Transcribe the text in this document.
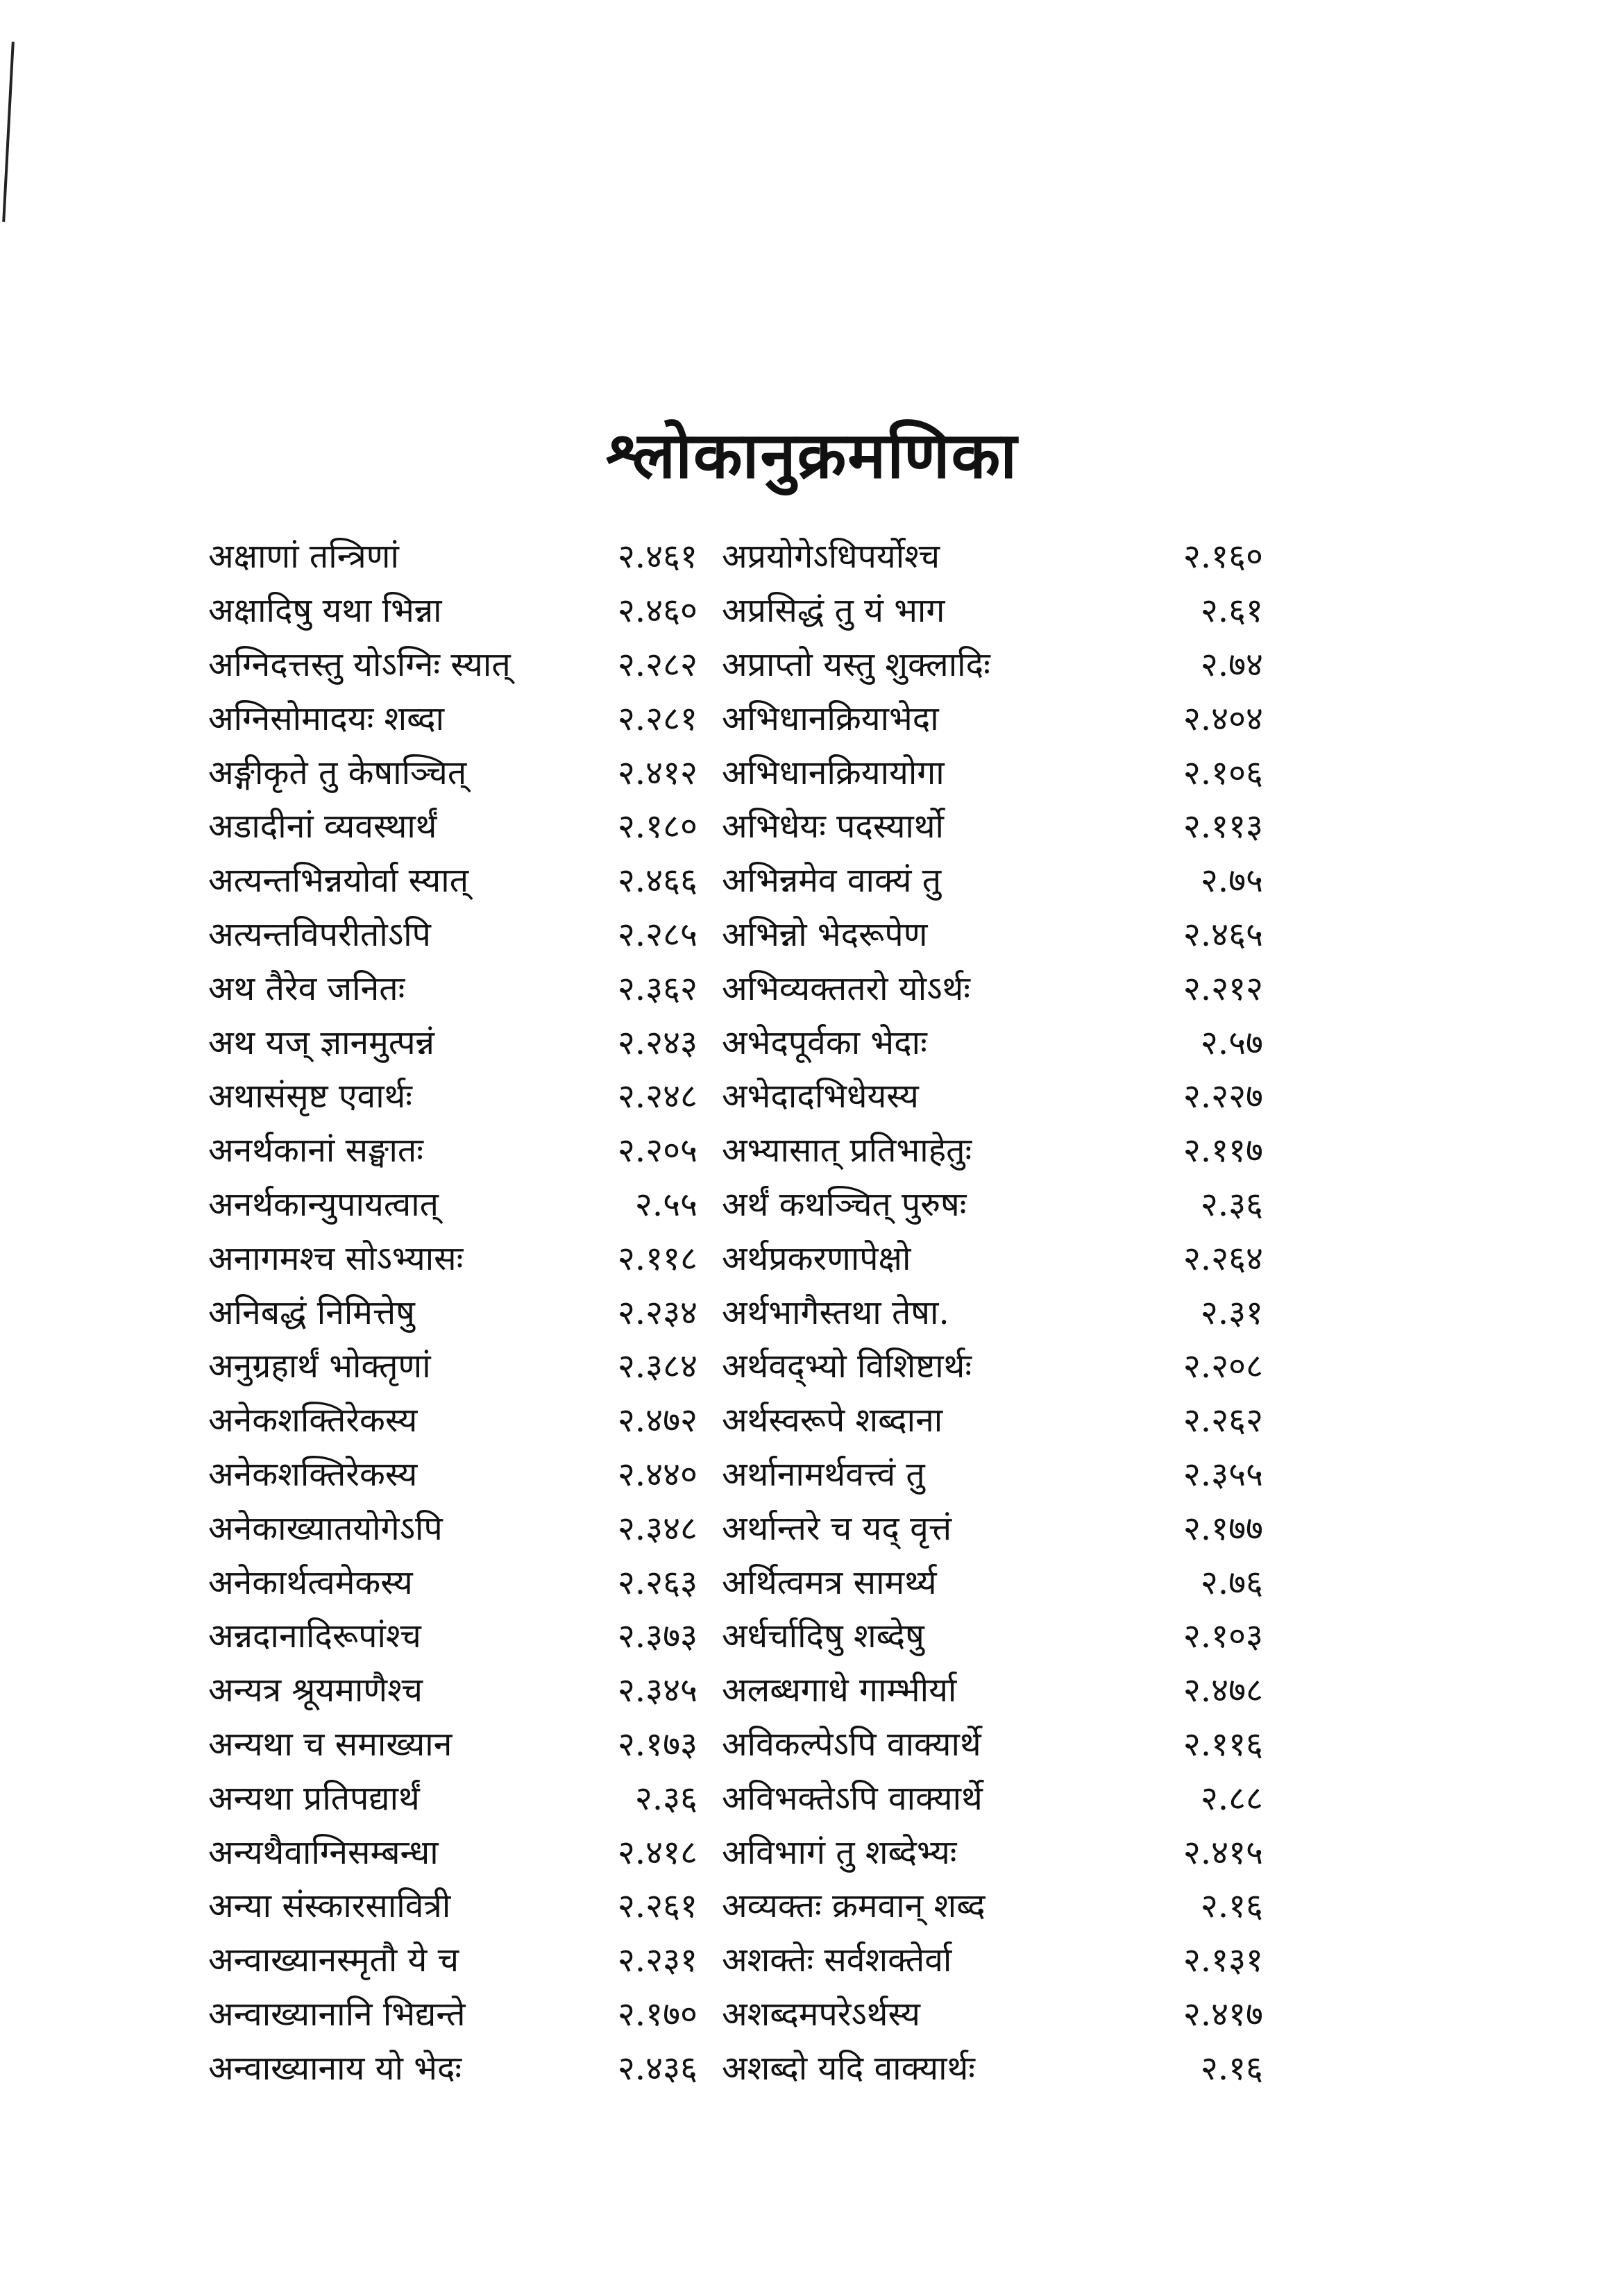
श्लोकानुक्रमणिका
अक्षाणां तन्त्रिणां	२.४६१		अप्रयोगेऽधिपर्योश्च	२.१६०
अक्षादिषु यथा भिन्ना	२.४६०		अप्रसिद्धं तु यं भाग	२.६१
अग्निदत्तस्तु योऽग्निः स्यात्	२.२८२		अप्राप्तो यस्तु शुक्लादिः	२.७४
अग्निसोमादयः शब्दा	२.२८१		अभिधानक्रियाभेदा	२.४०४
अङ्गीकृते तु केषाञ्चित्	२.४१२		अभिधानक्रियायोगा	२.१०६
अडादीनां व्यवस्थार्थं	२.१८०		अभिधेयः पदस्यार्थो	२.११३
अत्यन्तभिन्नयोर्वा स्यात्	२.४६६		अभिन्नमेव वाक्यं तु	२.७५
अत्यन्तविपरीतोऽपि	२.२८५		अभिन्नो भेदरूपेण	२.४६५
अथ तैरेव जनितः	२.३६२		अभिव्यक्ततरो योऽर्थः	२.२१२
अथ यज् ज्ञानमुत्पन्नं	२.२४३		अभेदपूर्वका भेदाः	२.५७
अथासंसृष्ट एवार्थः	२.२४८		अभेदादभिधेयस्य	२.२२७
अनर्थकानां सङ्घातः	२.२०५		अभ्यासात् प्रतिभाहेतुः	२.११७
अनर्थकान्युपायत्वात्	२.५५		अर्थं कथञ्चित् पुरुषः	२.३६
अनागमश्च सोऽभ्यासः	२.११८		अर्थप्रकरणापेक्षो	२.२६४
अनिबद्धं निमित्तेषु	२.२३४		अर्थभागैस्तथा तेषा.	२.३१
अनुग्रहार्थं भोक्तृणां	२.३८४		अर्थवद्भ्यो विशिष्टार्थः	२.२०८
अनेकशक्तिरेकस्य	२.४७२		अर्थस्वरूपे शब्दाना	२.२६२
अनेकशक्तिरेकस्य	२.४४०		अर्थानामर्थवत्त्वं तु	२.३५५
अनेकाख्यातयोगेऽपि	२.३४८		अर्थान्तरे च यद् वृत्तं	२.१७७
अनेकार्थत्वमेकस्य	२.२६३		अर्थित्वमत्र सामर्थ्य	२.७६
अन्नदानादिरूपांश्च	२.३७३		अर्धर्चादिषु शब्देषु	२.१०३
अन्यत्र श्रूयमाणैश्च	२.३४५		अलब्धगाधे गाम्भीर्या	२.४७८
अन्यथा च समाख्यान	२.१७३		अविकल्पेऽपि वाक्यार्थे	२.११६
अन्यथा प्रतिपद्यार्थं	२.३६		अविभक्तेऽपि वाक्यार्थे	२.८८
अन्यथैवाग्निसम्बन्धा	२.४१८		अविभागं तु शब्देभ्यः	२.४१५
अन्या संस्कारसावित्री	२.२६१		अव्यक्तः क्रमवान् शब्द	२.१६
अन्वाख्यानस्मृतौ ये च	२.२३१		अशक्तेः सर्वशक्तेर्वा	२.१३१
अन्वाख्यानानि भिद्यन्ते	२.१७०		अशब्दमपरेऽर्थस्य	२.४१७
अन्वाख्यानाय यो भेदः	२.४३६		अशब्दो यदि वाक्यार्थः	२.१६
